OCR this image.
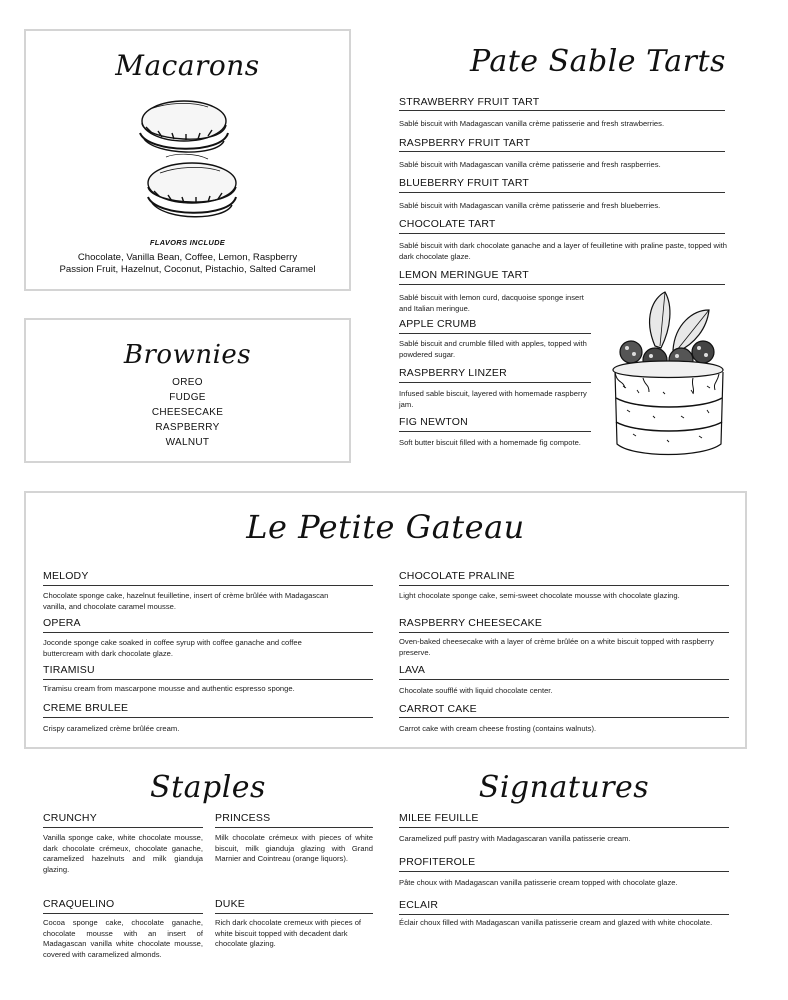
Macarons
FLAVORS INCLUDE
Chocolate, Vanilla Bean, Coffee, Lemon, Raspberry
Passion Fruit, Hazelnut, Coconut, Pistachio, Salted Caramel
Brownies
OREO
FUDGE
CHEESECAKE
RASPBERRY
WALNUT
Pate Sable Tarts
STRAWBERRY FRUIT TART
Sablé biscuit with Madagascan vanilla crème patisserie and fresh strawberries.
RASPBERRY FRUIT TART
Sablé biscuit with Madagascan vanilla crème patisserie and fresh raspberries.
BLUEBERRY FRUIT TART
Sablé biscuit with Madagascan vanilla crème patisserie and fresh blueberries.
CHOCOLATE TART
Sablé biscuit with dark chocolate ganache and a layer of feuilletine with praline paste, topped with dark chocolate glaze.
LEMON MERINGUE TART
Sablé biscuit with lemon curd, dacquoise sponge insert and Italian meringue.
APPLE CRUMB
Sablé biscuit and crumble filled with apples, topped with powdered sugar.
RASPBERRY LINZER
Infused sable biscuit, layered with homemade raspberry jam.
FIG NEWTON
Soft butter biscuit filled with a homemade fig compote.
Le Petite Gateau
MELODY
Chocolate sponge cake, hazelnut feuilletine, insert of crème brûlée with Madagascan vanilla, and chocolate caramel mousse.
OPERA
Joconde sponge cake soaked in coffee syrup with coffee ganache and coffee buttercream with dark chocolate glaze.
TIRAMISU
Tiramisu cream from mascarpone mousse and authentic espresso sponge.
CREME BRULEE
Crispy caramelized crème brûlée cream.
CHOCOLATE PRALINE
Light chocolate sponge cake, semi-sweet chocolate mousse with chocolate glazing.
RASPBERRY CHEESECAKE
Oven-baked cheesecake with a layer of crème brûlée on a white biscuit topped with raspberry preserve.
LAVA
Chocolate soufflé with liquid chocolate center.
CARROT CAKE
Carrot cake with cream cheese frosting (contains walnuts).
Staples
CRUNCHY
Vanilla sponge cake, white chocolate mousse, dark chocolate crémeux, chocolate ganache, caramelized hazelnuts and milk gianduja glazing.
PRINCESS
Milk chocolate crémeux with pieces of white biscuit, milk gianduja glazing with Grand Marnier and Cointreau (orange liquors).
CRAQUELINO
Cocoa sponge cake, chocolate ganache, chocolate mousse with an insert of Madagascan vanilla white chocolate mousse, covered with caramelized almonds.
DUKE
Rich dark chocolate cremeux with pieces of white biscuit topped with decadent dark chocolate glazing.
Signatures
MILEE FEUILLE
Caramelized puff pastry with Madagascaran vanilla patisserie cream.
PROFITEROLE
Pâte choux with Madagascan vanilla patisserie cream topped with chocolate glaze.
ECLAIR
Éclair choux filled with Madagascan vanilla patisserie cream and glazed with white chocolate.
